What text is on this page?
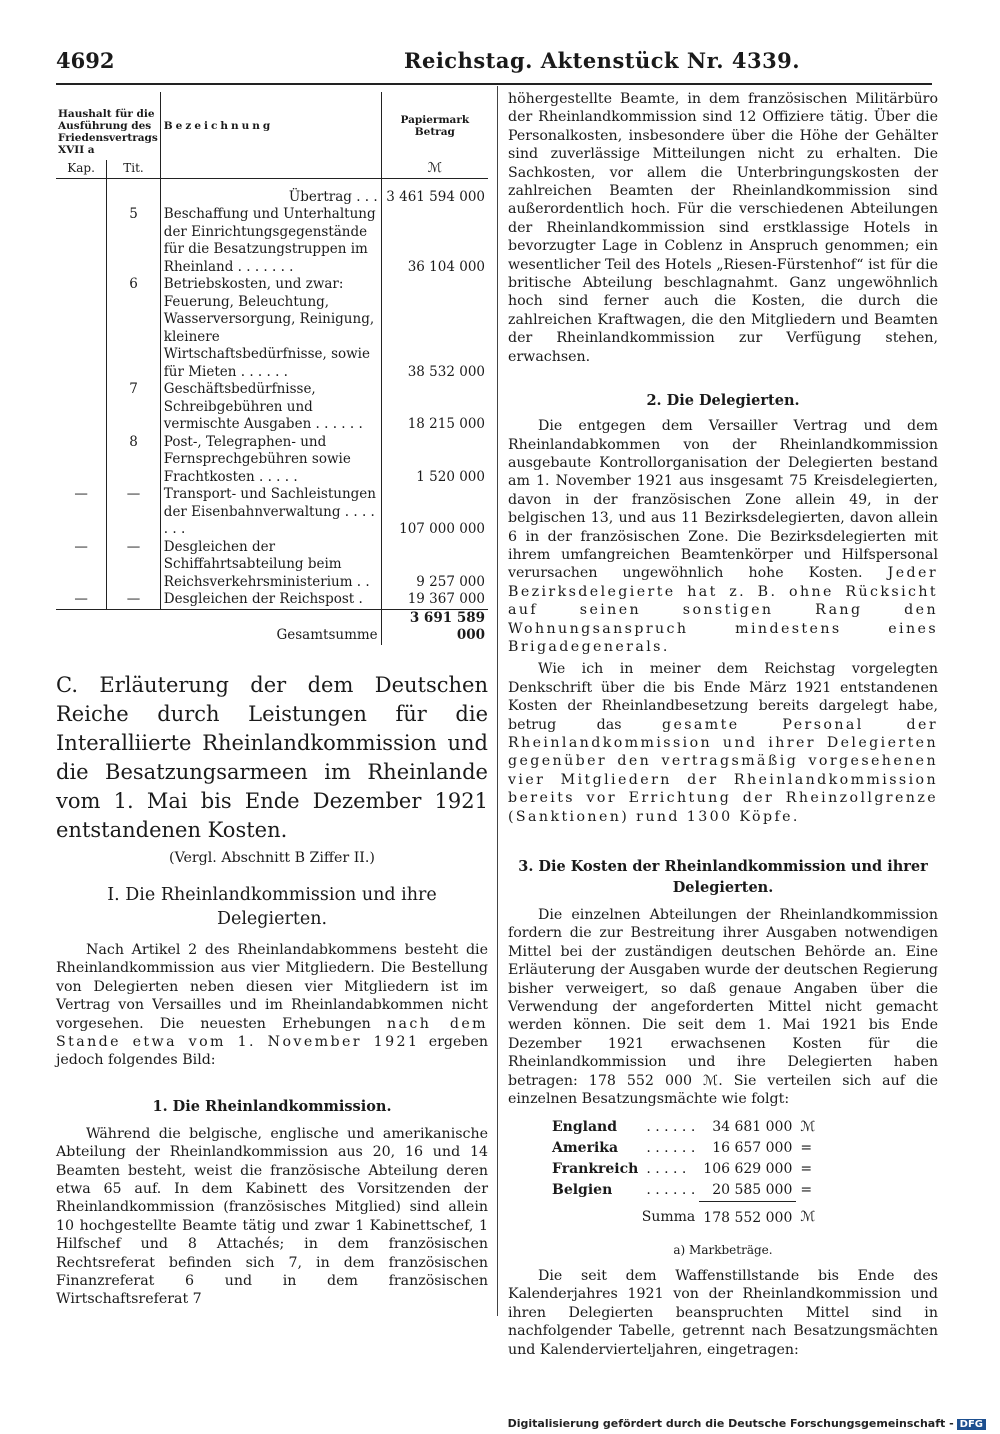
4692	Reichstag. Aktenstück Nr. 4339.
Haushalt für die Ausführung des Friedensvertrags XVII a		Bezeichnung	Papiermark Betrag
Kap.	Tit.		ℳ

		Übertrag . . .	3 461 594 000
	5	Beschaffung und Unterhaltung der Einrichtungsgegenstände für die Besatzungstruppen im Rheinland . . . . . . .	36 104 000
	6	Betriebskosten, und zwar: Feuerung, Beleuchtung, Wasserversorgung, Reinigung, kleinere Wirtschaftsbedürfnisse, sowie für Mieten . . . . . .	38 532 000
	7	Geschäftsbedürfnisse, Schreibgebühren und vermischte Ausgaben . . . . . .	18 215 000
	8	Post-, Telegraphen- und Fernsprechgebühren sowie Frachtkosten . . . . .	1 520 000
—	—	Transport- und Sachleistungen der Eisenbahnverwaltung . . . . . . .	107 000 000
—	—	Desgleichen der Schiffahrtsabteilung beim Reichsverkehrsministerium . .	9 257 000
—	—	Desgleichen der Reichspost .	19 367 000
Gesamtsumme			3 691 589 000
C. Erläuterung der dem Deutschen Reiche durch Leistungen für die Interalliierte Rheinlandkommission und die Besatzungsarmeen im Rheinlande vom 1. Mai bis Ende Dezember 1921 entstandenen Kosten.

(Vergl. Abschnitt B Ziffer II.)

I. Die Rheinlandkommission und ihre Delegierten.

Nach Artikel 2 des Rheinlandabkommens besteht die Rheinlandkommission aus vier Mitgliedern. Die Bestellung von Delegierten neben diesen vier Mitgliedern ist im Vertrag von Versailles und im Rheinlandabkommen nicht vorgesehen. Die neuesten Erhebungen nach dem Stande etwa vom 1. November 1921 ergeben jedoch folgendes Bild:

1. Die Rheinlandkommission.

Während die belgische, englische und amerikanische Abteilung der Rheinlandkommission aus 20, 16 und 14 Beamten besteht, weist die französische Abteilung deren etwa 65 auf. In dem Kabinett des Vorsitzenden der Rheinlandkommission (französisches Mitglied) sind allein 10 hochgestellte Beamte tätig und zwar 1 Kabinettschef, 1 Hilfschef und 8 Attachés; in dem französischen Rechtsreferat befinden sich 7, in dem französischen Finanzreferat 6 und in dem französischen Wirtschaftsreferat 7

höhergestellte Beamte, in dem französischen Militärbüro der Rheinlandkommission sind 12 Offiziere tätig. Über die Personalkosten, insbesondere über die Höhe der Gehälter sind zuverlässige Mitteilungen nicht zu erhalten. Die Sachkosten, vor allem die Unterbringungskosten der zahlreichen Beamten der Rheinlandkommission sind außerordentlich hoch. Für die verschiedenen Abteilungen der Rheinlandkommission sind erstklassige Hotels in bevorzugter Lage in Coblenz in Anspruch genommen; ein wesentlicher Teil des Hotels „Riesen-Fürstenhof“ ist für die britische Abteilung beschlagnahmt. Ganz ungewöhnlich hoch sind ferner auch die Kosten, die durch die zahlreichen Kraftwagen, die den Mitgliedern und Beamten der Rheinlandkommission zur Verfügung stehen, erwachsen.

2. Die Delegierten.

Die entgegen dem Versailler Vertrag und dem Rheinlandabkommen von der Rheinlandkommission ausgebaute Kontrollorganisation der Delegierten bestand am 1. November 1921 aus insgesamt 75 Kreisdelegierten, davon in der französischen Zone allein 49, in der belgischen 13, und aus 11 Bezirksdelegierten, davon allein 6 in der französischen Zone. Die Bezirksdelegierten mit ihrem umfangreichen Beamtenkörper und Hilfspersonal verursachen ungewöhnlich hohe Kosten. Jeder Bezirksdelegierte hat z. B. ohne Rücksicht auf seinen sonstigen Rang den Wohnungsanspruch mindestens eines Brigadegenerals.

Wie ich in meiner dem Reichstag vorgelegten Denkschrift über die bis Ende März 1921 entstandenen Kosten der Rheinlandbesetzung bereits dargelegt habe, betrug das	gesamte Personal der Rheinlandkommission und ihrer Delegierten gegenüber den vertragsmäßig vorgesehenen vier Mitgliedern der Rheinlandkommission bereits vor Errichtung der Rheinzollgrenze (Sanktionen) rund 1300 Köpfe.

3. Die Kosten der Rheinlandkommission und ihrer Delegierten.

Die einzelnen Abteilungen der Rheinlandkommission fordern die zur Bestreitung ihrer Ausgaben notwendigen Mittel bei der zuständigen deutschen Behörde an. Eine Erläuterung der Ausgaben wurde der deutschen Regierung bisher verweigert, so daß genaue Angaben über die Verwendung der angeforderten Mittel nicht gemacht werden können. Die seit dem 1. Mai 1921 bis Ende Dezember 1921 erwachsenen Kosten für die Rheinlandkommission und ihre Delegierten haben betragen: 178 552 000 ℳ. Sie verteilen sich auf die einzelnen Besatzungsmächte wie folgt:

England	. . . . . .	34 681 000	ℳ
Amerika	. . . . . .	16 657 000	=
Frankreich	. . . . .	106 629 000	=
Belgien	. . . . . .	20 585 000	=
Summa		178 552 000	ℳ

a) Markbeträge.

Die seit dem Waffenstillstande bis Ende des Kalenderjahres 1921 von der Rheinlandkommission und ihren Delegierten beanspruchten Mittel sind in nachfolgender Tabelle, getrennt nach Besatzungsmächten und Kalendervierteljahren, eingetragen:

Digitalisierung gefördert durch die Deutsche Forschungsgemeinschaft - DFG
